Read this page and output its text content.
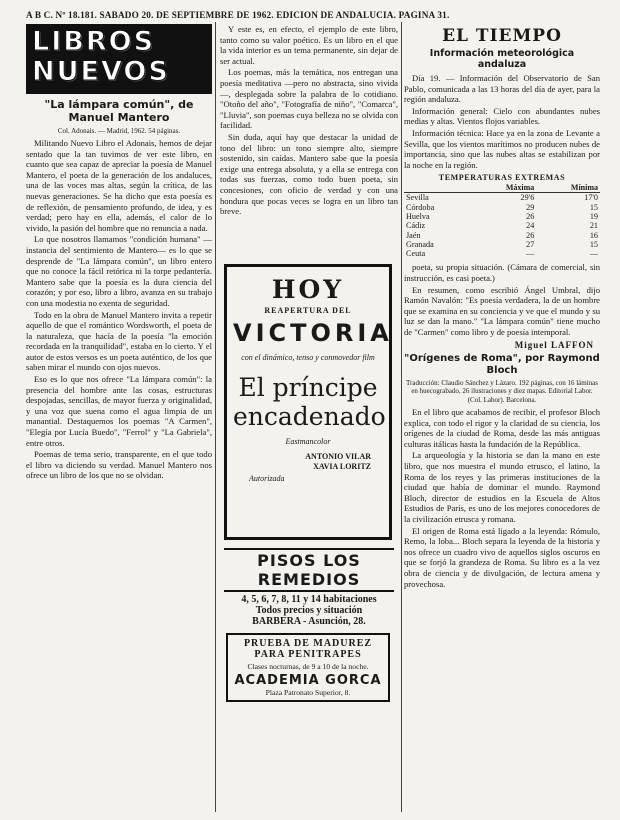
A B C. Nº 18.181. SABADO 20. DE SEPTIEMBRE DE 1962. EDICION DE ANDALUCIA. PAGINA 31.
LIBROS
NUEVOS
"La lámpara común", de Manuel Mantero
Col. Adonais. — Madrid, 1962. 54 páginas.

Militando Nuevo Libro el Adonais, hemos de dejar sentado que la tan tuvimos de ver este libro, en cuanto que sea capaz de apreciar la poesía de Manuel Mantero, el poeta de la generación de los andaluces, una de las voces mas altas, según la crítica, de las nuevas generaciones. Se ha dicho que esta poesía es de reflexión, de pensamiento profundo, de idea, y es verdad; pero hay en ella, además, el calor de lo vivido, la pasión del hombre que no renuncia a nada.

Lo que nosotros llamamos "condición humana" —instancia del sentimiento de Mantero— es lo que se desprende de "La lámpara común", un libro entero que no conoce la fácil retórica ni la torpe pedantería. Mantero sabe que la poesía es la dura ciencia del corazón; y por eso, libro a libro, avanza en su trabajo con una modestia no exenta de seguridad.

Todo en la obra de Manuel Mantero invita a repetir aquello de que el romántico Wordsworth, el poeta de la naturaleza, que hacía de la poesía "la emoción recordada en la tranquilidad", estaba en lo cierto. Y el autor de estos versos es un poeta auténtico, de los que saben mirar el mundo con ojos nuevos.

Eso es lo que nos ofrece "La lámpara común": la presencia del hombre ante las cosas, estructuras despojadas, sencillas, de mayor fuerza y originalidad, y una voz que suena como el agua limpia de un manantial. Destaquemos los poemas "A Carmen", "Elegía por Lucía Buedo", "Ferrol" y "La Gabriela", entre otros.

Poemas de tema serio, transparente, en el que todo el libro va diciendo su verdad. Manuel Mantero nos ofrece un libro de los que no se olvidan.

Y este es, en efecto, el ejemplo de este libro, tanto como su valor poético. Es un libro en el que la vida interior es un tema permanente, sin dejar de ser actual.

Los poemas, más la temática, nos entregan una poesía meditativa —pero no abstracta, sino vivida—, desplegada sobre la palabra de lo cotidiano. "Otoño del año", "Fotografía de niño", "Comarca", "Lluvia", son poemas cuya belleza no se olvida con facilidad.

Sin duda, aquí hay que destacar la unidad de tono del libro: un tono siempre alto, siempre sostenido, sin caídas. Mantero sabe que la poesía exige una entrega absoluta, y a ella se entrega con todas sus fuerzas, como todo buen poeta, sin concesiones, con oficio de verdad y con una hondura que pocas veces se logra en un libro tan breve.

HOY
REAPERTURA DEL
VICTORIA
con el dinámico, tenso y conmovedor film
El príncipe
encadenado
Eastmancolor
ANTONIO VILAR
XAVIA LORITZ
Autorizada
PISOS LOS REMEDIOS
4, 5, 6, 7, 8, 11 y 14 habitaciones
Todos precios y situación
BARBERA - Asunción, 28.
PRUEBA DE MADUREZ PARA PENITRAPES
Clases nocturnas, de 9 a 10 de la noche.
ACADEMIA GORCA
Plaza Patronato Superior, 8.
EL TIEMPO
Información meteorológica andaluza

Día 19. — Información del Observatorio de San Pablo, comunicada a las 13 horas del día de ayer, para la región andaluza.

Información general: Cielo con abundantes nubes medias y altas. Vientos flojos variables.

Información técnica: Hace ya en la zona de Levante a Sevilla, que los vientos marítimos no producen nubes de importancia, sino que las nubes altas se estabilizan por la noche en la región.

TEMPERATURAS EXTREMAS
	Máxima	Mínima
Sevilla	29'6	17'0
Córdoba	29	15
Huelva	26	19
Cádiz	24	21
Jaén	26	16
Granada	27	15
Ceuta	—	—

poeta, su propia situación. (Cámara de comercial, sin instrucción, es casi poeta.)

En resumen, como escribió Ángel Umbral, dijo Ramón Navalón: "Es poesía verdadera, la de un hombre que se examina en su conciencia y ve que el mundo y su luz se dan la mano." "La lámpara común" tiene mucho de "Carmen" como libro y de poesía intemporal.

Miguel LAFFON
"Orígenes de Roma", por Raymond Bloch
Traducción: Claudio Sánchez y Lázaro. 192 páginas, con 16 láminas en huecograbado, 26 ilustraciones y diez mapas. Editorial Labor. (Col. Labor). Barcelona.

En el libro que acabamos de recibir, el profesor Bloch explica, con todo el rigor y la claridad de su ciencia, los orígenes de la ciudad de Roma, desde las más antiguas culturas itálicas hasta la fundación de la República.

La arqueología y la historia se dan la mano en este libro, que nos muestra el mundo etrusco, el latino, la Roma de los reyes y las primeras instituciones de la ciudad que había de dominar el mundo. Raymond Bloch, director de estudios en la Escuela de Altos Estudios de París, es uno de los mejores conocedores de la civilización etrusca y romana.

El origen de Roma está ligado a la leyenda: Rómulo, Remo, la loba... Bloch separa la leyenda de la historia y nos ofrece un cuadro vivo de aquellos siglos oscuros en que se forjó la grandeza de Roma. Su libro es a la vez obra de ciencia y de divulgación, de lectura amena y provechosa.
